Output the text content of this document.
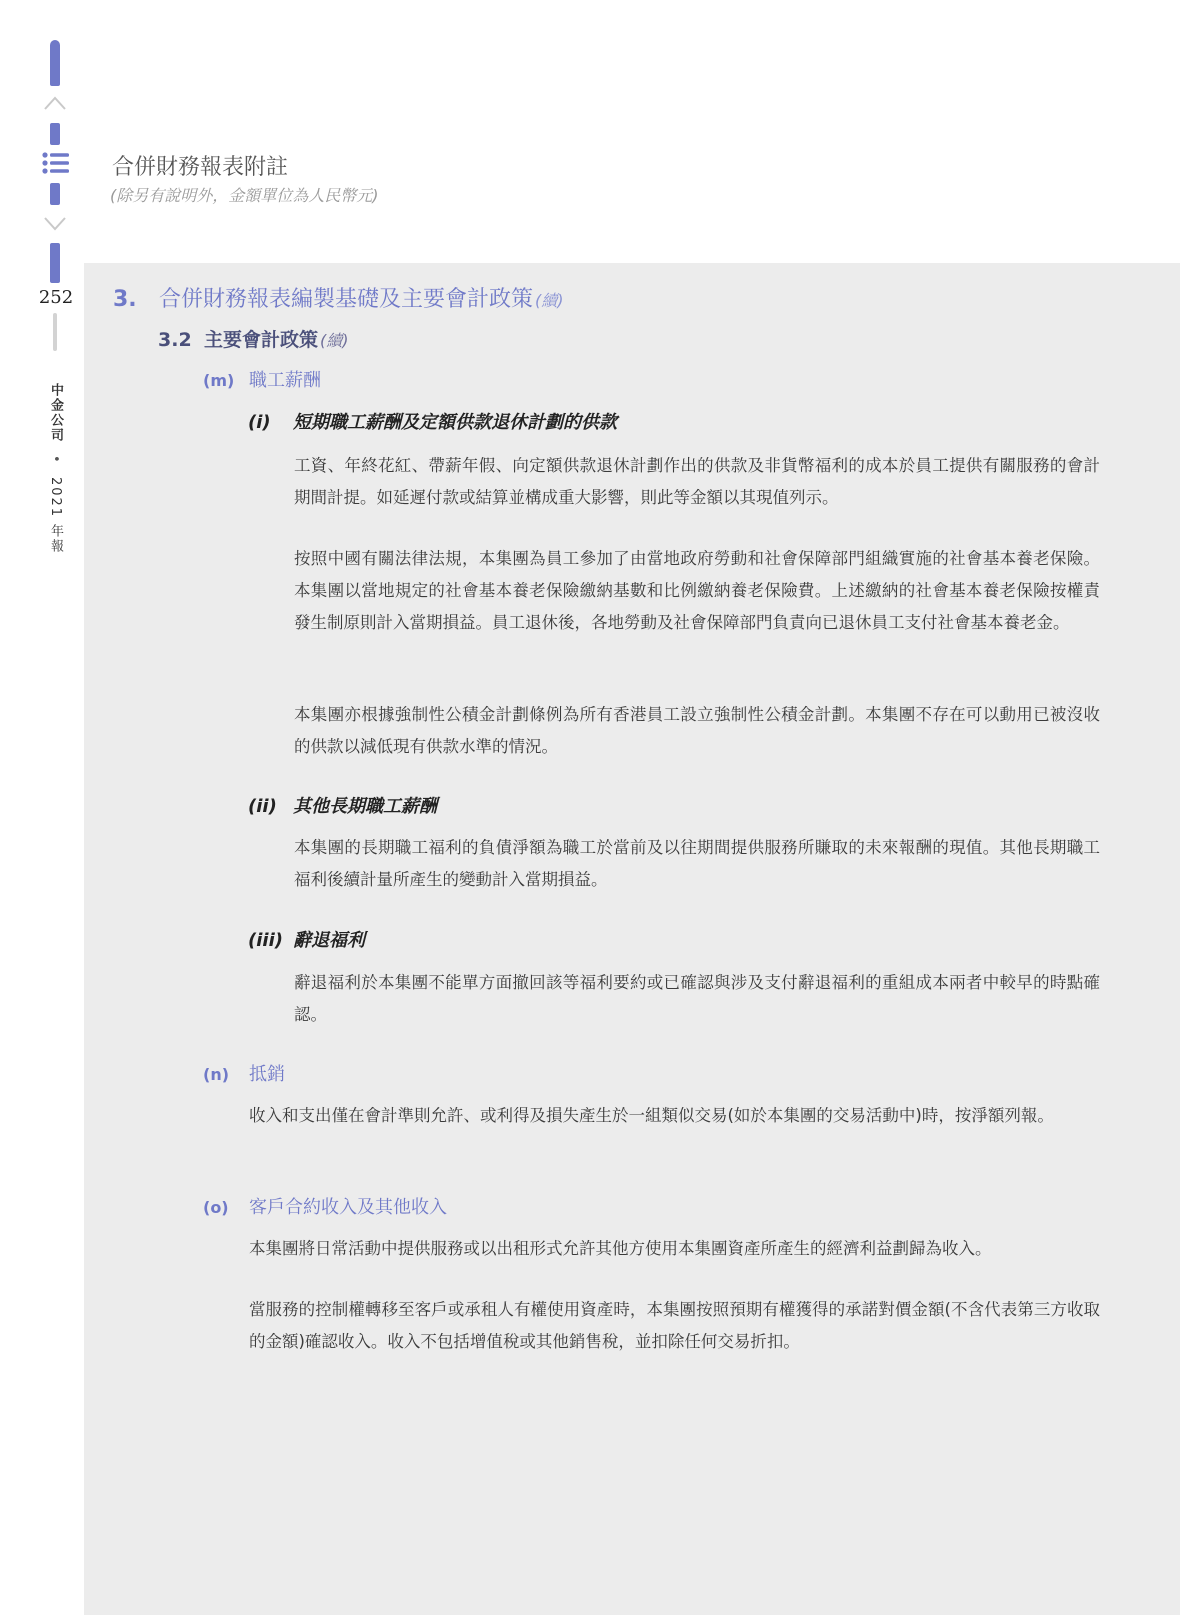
252
中金公司 • 2021 年報
合併財務報表附註
(除另有說明外，金額單位為人民幣元)
3. 合併財務報表編製基礎及主要會計政策 (續)
3.2 主要會計政策 (續)
(m) 職工薪酬
(i) 短期職工薪酬及定額供款退休計劃的供款
工資、年終花紅、帶薪年假、向定額供款退休計劃作出的供款及非貨幣福利的成本於員工提供有關服務的會計期間計提。如延遲付款或結算並構成重大影響，則此等金額以其現值列示。
按照中國有關法律法規，本集團為員工參加了由當地政府勞動和社會保障部門組織實施的社會基本養老保險。本集團以當地規定的社會基本養老保險繳納基數和比例繳納養老保險費。上述繳納的社會基本養老保險按權責發生制原則計入當期損益。員工退休後，各地勞動及社會保障部門負責向已退休員工支付社會基本養老金。
本集團亦根據強制性公積金計劃條例為所有香港員工設立強制性公積金計劃。本集團不存在可以動用已被沒收的供款以減低現有供款水準的情況。
(ii) 其他長期職工薪酬
本集團的長期職工福利的負債淨額為職工於當前及以往期間提供服務所賺取的未來報酬的現值。其他長期職工福利後續計量所產生的變動計入當期損益。
(iii) 辭退福利
辭退福利於本集團不能單方面撤回該等福利要約或已確認與涉及支付辭退福利的重組成本兩者中較早的時點確認。
(n) 抵銷
收入和支出僅在會計準則允許、或利得及損失產生於一組類似交易(如於本集團的交易活動中)時，按淨額列報。
(o) 客戶合約收入及其他收入
本集團將日常活動中提供服務或以出租形式允許其他方使用本集團資產所產生的經濟利益劃歸為收入。
當服務的控制權轉移至客戶或承租人有權使用資產時，本集團按照預期有權獲得的承諾對價金額(不含代表第三方收取的金額)確認收入。收入不包括增值稅或其他銷售稅，並扣除任何交易折扣。
